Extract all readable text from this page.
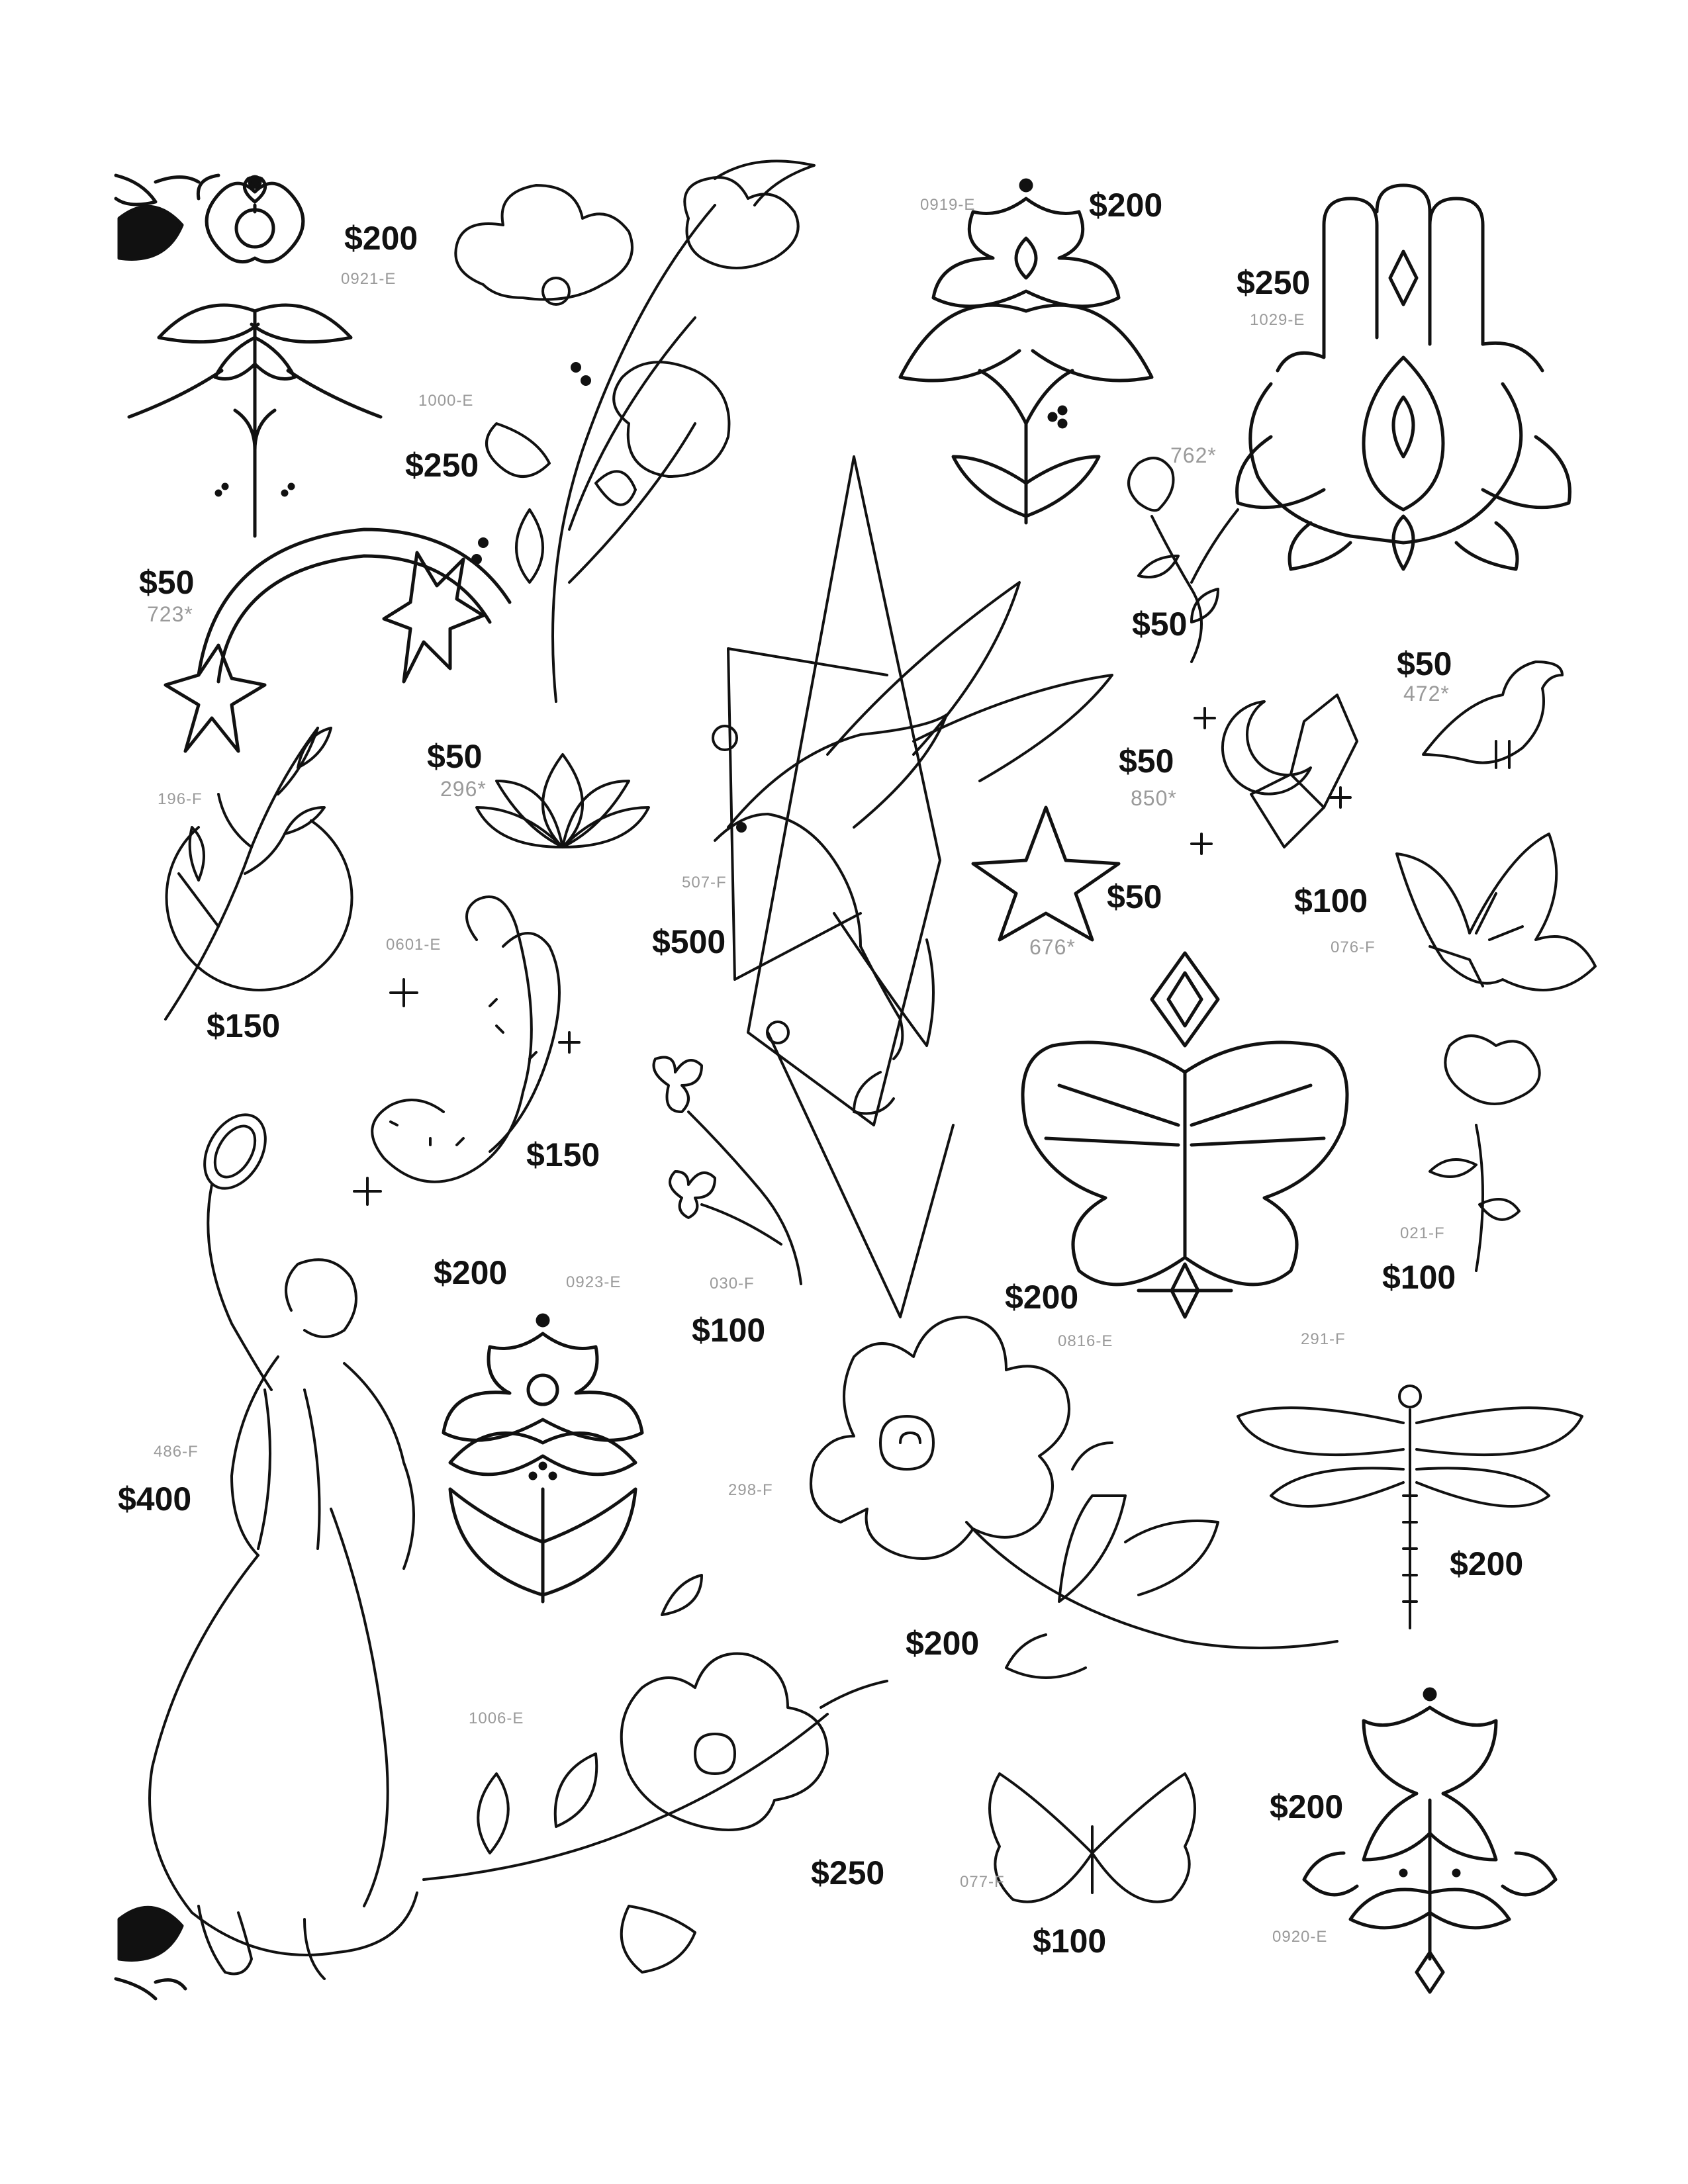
$200
0921-E
$250
1000-E
$200
0919-E
$250
1029-E
$50
723*	$50
762*
$50
296*
$50
472*
$50
850*
$150
196-F
$500
507-F	$50
676*
$100
076-F
$150
0601-E
$200
0816-E
$100
021-F
$100
030-F
$200	0923-E
$400
486-F
$200
298-F
$200
291-F
$250
1006-E
$100
077-F
$200
0920-E
